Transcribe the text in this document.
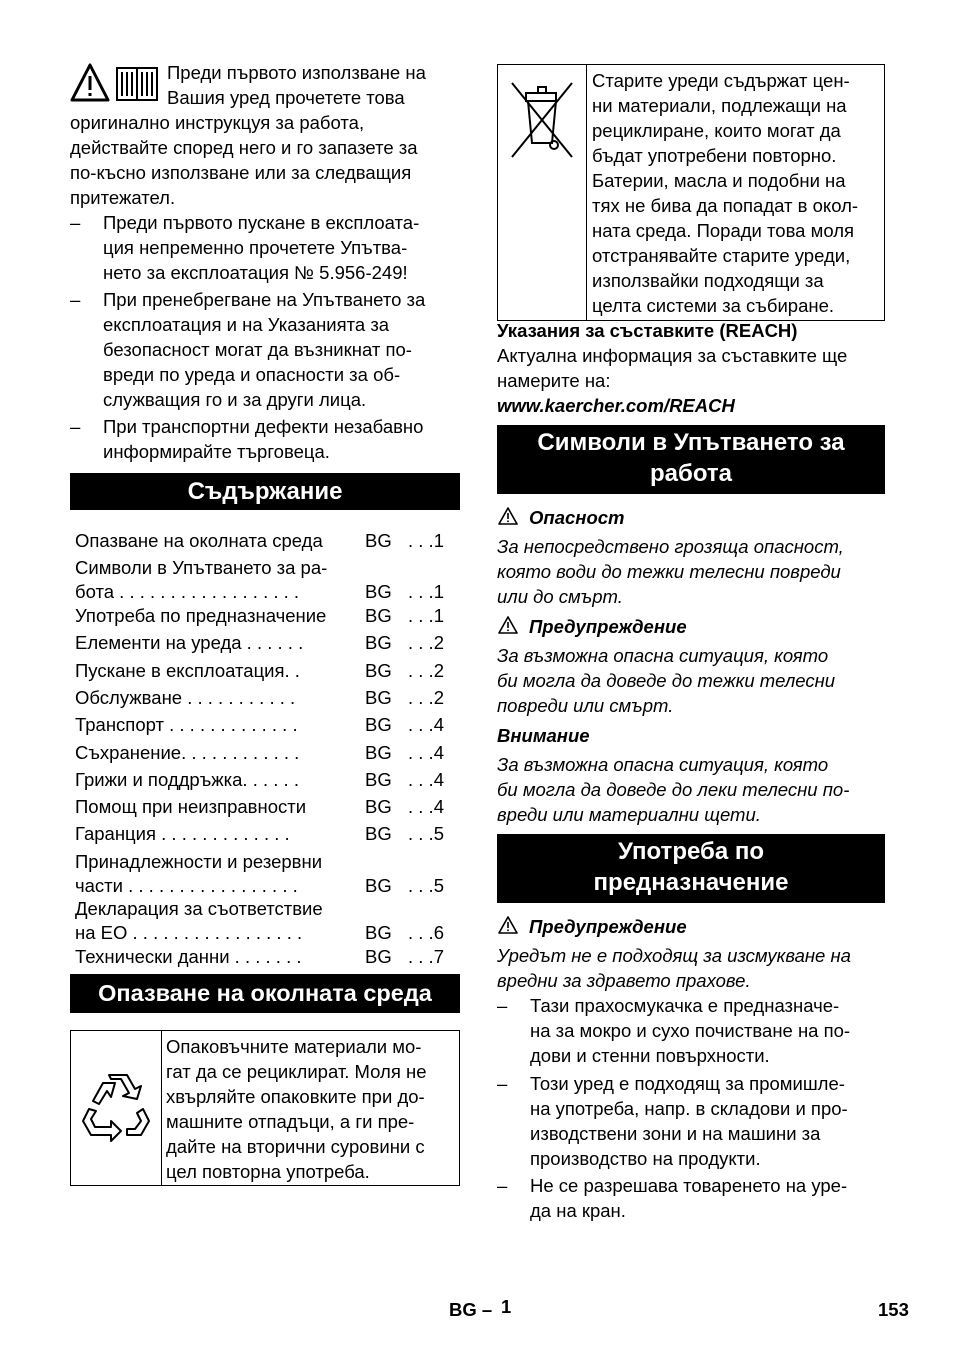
Преди първото използване на
Вашия уред прочетете това
оригинално инструкцуя за работа,
действайте според него и го запазете за
по-късно използване или за следващия
притежател.
–	Преди първото пускане в експлоата-
ция непременно прочетете Упътва-
нето за експлоатация № 5.956-249!
–	При пренебрегване на Упътването за
експлоатация и на Указанията за
безопасност могат да възникнат по-
вреди по уреда и опасности за об-
служващия го и за други лица.
–	При транспортни дефекти незабавно
информирайте търговеца.
Съдържание
Опазване на околната среда BG . . .1
Символи в Упътването за ра-
бота . . . . . . . . . . . . . . . . . .	BG . . .1
Употреба по предназначение BG . . .1
Елементи на уреда . . . . . .	BG . . .2
Пускане в експлоатация. .	BG . . .2
Обслужване . . . . . . . . . . .	BG . . .2
Транспорт . . . . . . . . . . . . .	BG . . .4
Съхранение. . . . . . . . . . . .	BG . . .4
Грижи и поддръжка. . . . . .	BG . . .4
Помощ при неизправности	BG . . .4
Гаранция . . . . . . . . . . . . .	BG . . .5
Принадлежности и резервни
части . . . . . . . . . . . . . . . . .	BG . . .5
Декларация за съответствие
на ЕО . . . . . . . . . . . . . . . . .	BG . . .6
Технически данни . . . . . . .	BG . . .7
Опазване на околната среда
Опаковъчните материали мо-
гат да се рециклират. Моля не
хвърляйте опаковките при до-
машните отпадъци, а ги пре-
дайте на вторични суровини с
цел повторна употреба.
Старите уреди съдържат цен-
ни материали, подлежащи на
рециклиране, които могат да
бъдат употребени повторно.
Батерии, масла и подобни на
тях не бива да попадат в окол-
ната среда. Поради това моля
отстранявайте старите уреди,
използвайки подходящи за
целта системи за събиране.
Указания за съставките (REACH)
Актуална информация за съставките ще
намерите на:
www.kaercher.com/REACH
Символи в Упътването за
работа
Опасност
За непосредствено грозяща опасност,
която води до тежки телесни повреди
или до смърт.
Предупреждение
За възможна опасна ситуация, която
би могла да доведе до тежки телесни
повреди или смърт.
Внимание
За възможна опасна ситуация, която
би могла да доведе до леки телесни по-
вреди или материални щети.
Употреба по
предназначение
Предупреждение
Уредът не е подходящ за изсмукване на
вредни за здравето прахове.
–	Тази прахосмукачка е предназначе-
на за мокро и сухо почистване на по-
дови и стенни повърхности.
–	Този уред е подходящ за промишле-
на употреба, напр. в складови и про-
изводствени зони и на машини за
производство на продукти.
–	Не се разрешава товаренето на уре-
да на кран.
BG – 1	153
